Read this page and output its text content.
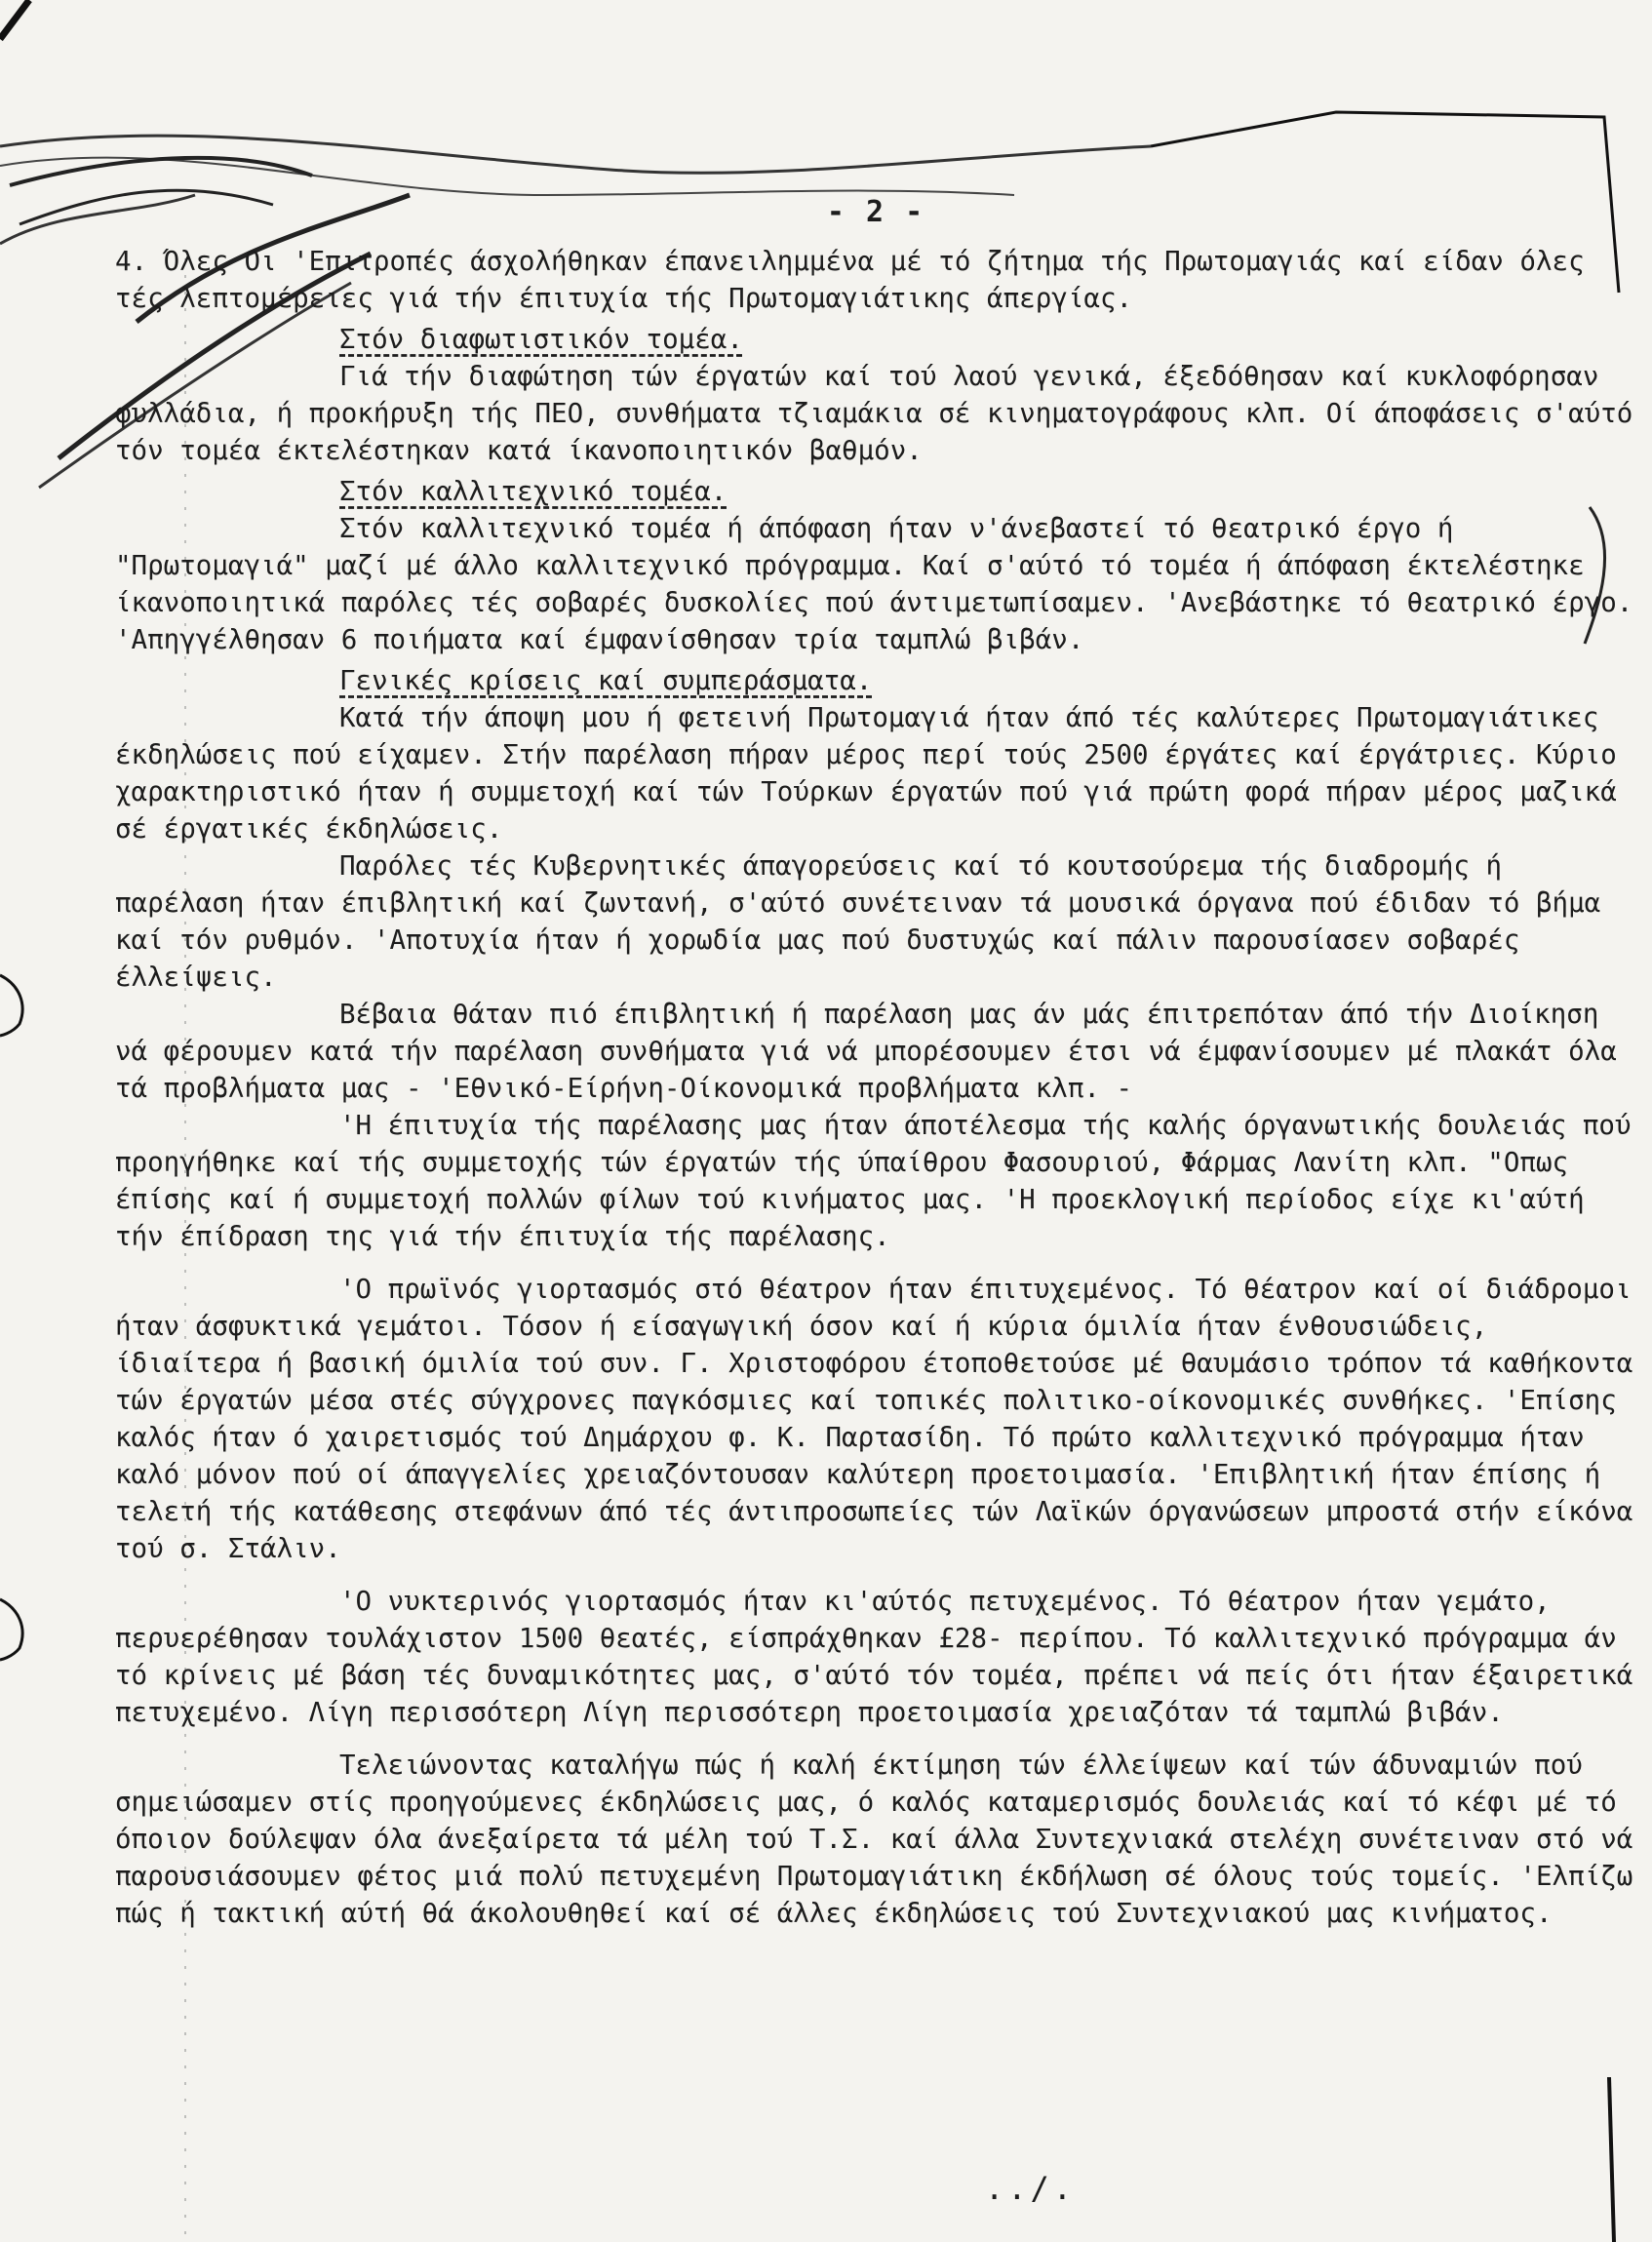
- 2 -

4. Όλες Οι 'Επιτροπές άσχολήθηκαν έπανειλημμένα μέ τό ζήτημα τής Πρωτομαγιάς καί είδαν όλες τές λεπτομέρειες γιά τήν έπιτυχία τής Πρωτομαγιάτικης άπεργίας.

Στόν διαφωτιστικόν τομέα.

Γιά τήν διαφώτηση τών έργατών καί τού λαού γενικά, έξεδόθησαν καί κυκλοφόρησαν φυλλάδια, ή προκήρυξη τής ΠΕΟ, συνθήματα τζιαμάκια σέ κινηματογράφους κλπ. Οί άποφάσεις σ'αύτό τόν τομέα έκτελέστηκαν κατά ίκανοποιητικόν βαθμόν.

Στόν καλλιτεχνικό τομέα.

Στόν καλλιτεχνικό τομέα ή άπόφαση ήταν ν'άνεβαστεί τό θεατρικό έργο ή "Πρωτομαγιά" μαζί μέ άλλο καλλιτεχνικό πρόγραμμα. Καί σ'αύτό τό τομέα ή άπόφαση έκτελέστηκε ίκανοποιητικά παρόλες τές σοβαρές δυσκολίες πού άντιμετωπίσαμεν. 'Ανεβάστηκε τό θεατρικό έργο. 'Απηγγέλθησαν 6 ποιήματα καί έμφανίσθησαν τρία ταμπλώ βιβάν.

Γενικές κρίσεις καί συμπεράσματα.

Κατά τήν άποψη μου ή φετεινή Πρωτομαγιά ήταν άπό τές καλύτερες Πρωτομαγιάτικες έκδηλώσεις πού είχαμεν. Στήν παρέλαση πήραν μέρος περί τούς 2500 έργάτες καί έργάτριες. Κύριο χαρακτηριστικό ήταν ή συμμετοχή καί τών Τούρκων έργατών πού γιά πρώτη φορά πήραν μέρος μαζικά σέ έργατικές έκδηλώσεις.

Παρόλες τές Κυβερνητικές άπαγορεύσεις καί τό κουτσούρεμα τής διαδρομής ή παρέλαση ήταν έπιβλητική καί ζωντανή, σ'αύτό συνέτειναν τά μουσικά όργανα πού έδιδαν τό βήμα καί τόν ρυθμόν. 'Αποτυχία ήταν ή χορωδία μας πού δυστυχώς καί πάλιν παρουσίασεν σοβαρές έλλείψεις.

Βέβαια θάταν πιό έπιβλητική ή παρέλαση μας άν μάς έπιτρεπόταν άπό τήν Διοίκηση νά φέρουμεν κατά τήν παρέλαση συνθήματα γιά νά μπορέσουμεν έτσι νά έμφανίσουμεν μέ πλακάτ όλα τά προβλήματα μας - 'Εθνικό-Είρήνη-Οίκονομικά προβλήματα κλπ. -

'Η έπιτυχία τής παρέλασης μας ήταν άποτέλεσμα τής καλής όργανωτικής δουλειάς πού προηγήθηκε καί τής συμμετοχής τών έργατών τής ύπαίθρου Φασουριού, Φάρμας Λανίτη κλπ. "Οπως έπίσης καί ή συμμετοχή πολλών φίλων τού κινήματος μας. 'Η προεκλογική περίοδος είχε κι'αύτή τήν έπίδραση της γιά τήν έπιτυχία τής παρέλασης.

'Ο πρωϊνός γιορτασμός στό θέατρον ήταν έπιτυχεμένος. Τό θέατρον καί οί διάδρομοι ήταν άσφυκτικά γεμάτοι. Τόσον ή είσαγωγική όσον καί ή κύρια όμιλία ήταν ένθουσιώδεις, ίδιαίτερα ή βασική όμιλία τού συν. Γ. Χριστοφόρου έτοποθετούσε μέ θαυμάσιο τρόπον τά καθήκοντα τών έργατών μέσα στές σύγχρονες παγκόσμιες καί τοπικές πολιτικο-οίκονομικές συνθήκες. 'Επίσης καλός ήταν ό χαιρετισμός τού Δημάρχου φ. Κ. Παρτασίδη. Τό πρώτο καλλιτεχνικό πρόγραμμα ήταν καλό μόνον πού οί άπαγγελίες χρειαζόντουσαν καλύτερη προετοιμασία. 'Επιβλητική ήταν έπίσης ή τελετή τής κατάθεσης στεφάνων άπό τές άντιπροσωπείες τών Λαϊκών όργανώσεων μπροστά στήν είκόνα τού σ. Στάλιν.

'Ο νυκτερινός γιορτασμός ήταν κι'αύτός πετυχεμένος. Τό θέατρον ήταν γεμάτο, περυερέθησαν τουλάχιστον 1500 θεατές, είσπράχθηκαν £28- περίπου. Τό καλλιτεχνικό πρόγραμμα άν τό κρίνεις μέ βάση τές δυναμικότητες μας, σ'αύτό τόν τομέα, πρέπει νά πείς ότι ήταν έξαιρετικά πετυχεμένο. Λίγη περισσότερη Λίγη περισσότερη προετοιμασία χρειαζόταν τά ταμπλώ βιβάν.

Τελειώνοντας καταλήγω πώς ή καλή έκτίμηση τών έλλείψεων καί τών άδυναμιών πού σημειώσαμεν στίς προηγούμενες έκδηλώσεις μας, ό καλός καταμερισμός δουλειάς καί τό κέφι μέ τό όποιον δούλεψαν όλα άνεξαίρετα τά μέλη τού Τ.Σ. καί άλλα Συντεχνιακά στελέχη συνέτειναν στό νά παρουσιάσουμεν φέτος μιά πολύ πετυχεμένη Πρωτομαγιάτικη έκδήλωση σέ όλους τούς τομείς. 'Ελπίζω πώς ή τακτική αύτή θά άκολουθηθεί καί σέ άλλες έκδηλώσεις τού Συντεχνιακού μας κινήματος.

../.
